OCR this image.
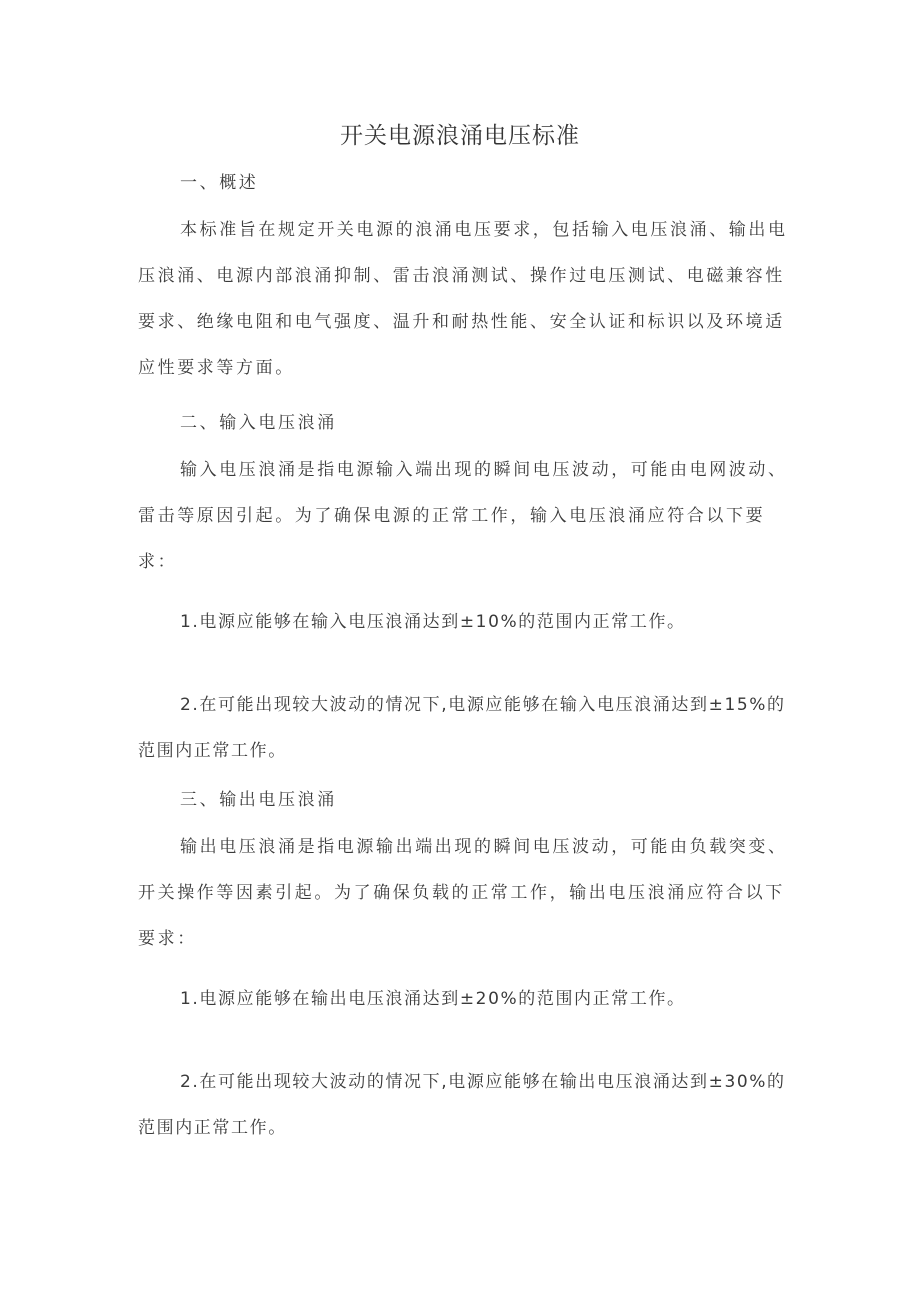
开关电源浪涌电压标准

一、概述

本标准旨在规定开关电源的浪涌电压要求，包括输入电压浪涌、输出电压浪涌、电源内部浪涌抑制、雷击浪涌测试、操作过电压测试、电磁兼容性要求、绝缘电阻和电气强度、温升和耐热性能、安全认证和标识以及环境适应性要求等方面。

二、输入电压浪涌

输入电压浪涌是指电源输入端出现的瞬间电压波动，可能由电网波动、雷击等原因引起。为了确保电源的正常工作，输入电压浪涌应符合以下要求：

1.电源应能够在输入电压浪涌达到±10%的范围内正常工作。

2.在可能出现较大波动的情况下,电源应能够在输入电压浪涌达到±15%的范围内正常工作。

三、输出电压浪涌

输出电压浪涌是指电源输出端出现的瞬间电压波动，可能由负载突变、开关操作等因素引起。为了确保负载的正常工作，输出电压浪涌应符合以下要求：

1.电源应能够在输出电压浪涌达到±20%的范围内正常工作。

2.在可能出现较大波动的情况下,电源应能够在输出电压浪涌达到±30%的范围内正常工作。
